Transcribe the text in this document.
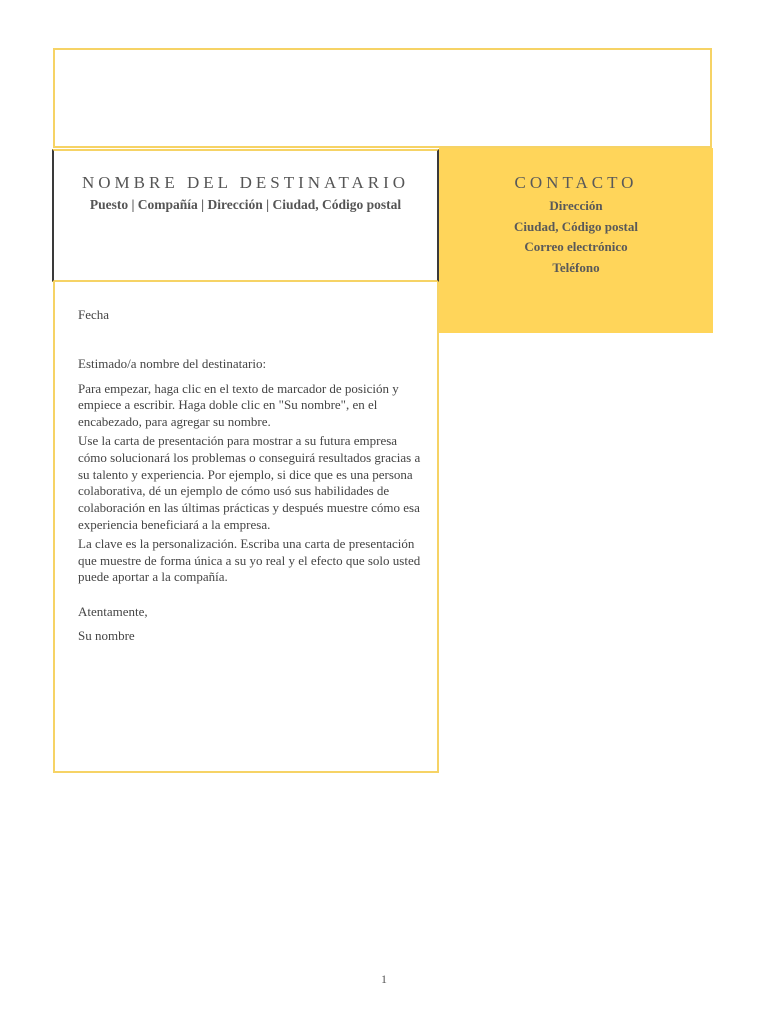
NOMBRE DEL DESTINATARIO
Puesto | Compañía | Dirección | Ciudad, Código postal
CONTACTO
Dirección
Ciudad, Código postal
Correo electrónico
Teléfono

Fecha

Estimado/a nombre del destinatario:

Para empezar, haga clic en el texto de marcador de posición y empiece a escribir. Haga doble clic en "Su nombre", en el encabezado, para agregar su nombre.

Use la carta de presentación para mostrar a su futura empresa cómo solucionará los problemas o conseguirá resultados gracias a su talento y experiencia. Por ejemplo, si dice que es una persona colaborativa, dé un ejemplo de cómo usó sus habilidades de colaboración en las últimas prácticas y después muestre cómo esa experiencia beneficiará a la empresa.

La clave es la personalización. Escriba una carta de presentación que muestre de forma única a su yo real y el efecto que solo usted puede aportar a la compañía.

Atentamente,

Su nombre

1
